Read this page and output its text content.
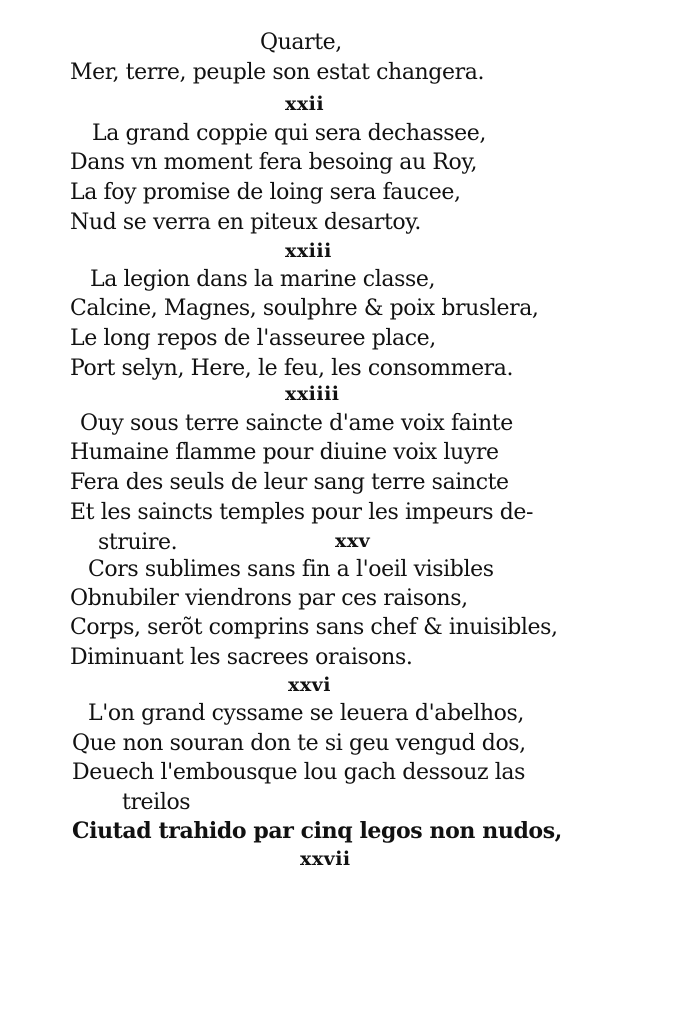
Quarte,
Mer, terre, peuple son estat changera.
xxii
La grand coppie qui sera dechassee,
Dans vn moment fera besoing au Roy,
La foy promise de loing sera faucee,
Nud se verra en piteux desartoy.
xxiii
La legion dans la marine classe,
Calcine, Magnes, soulphre & poix bruslera,
Le long repos de l'asseuree place,
Port selyn, Here, le feu, les consommera.
xxiiii
Ouy sous terre saincte d'ame voix fainte
Humaine flamme pour diuine voix luyre
Fera des seuls de leur sang terre saincte
Et les saincts temples pour les impeurs de-
struire.	xxv
Cors sublimes sans fin a l'oeil visibles
Obnubiler viendrons par ces raisons,
Corps, serõt comprins sans chef & inuisibles,
Diminuant les sacrees oraisons.
xxvi
L'on grand cyssame se leuera d'abelhos,
Que non souran don te si geu vengud dos,
Deuech l'embousque lou gach dessouz las
treilos
Ciutad trahido par cinq legos non nudos,
xxvii
